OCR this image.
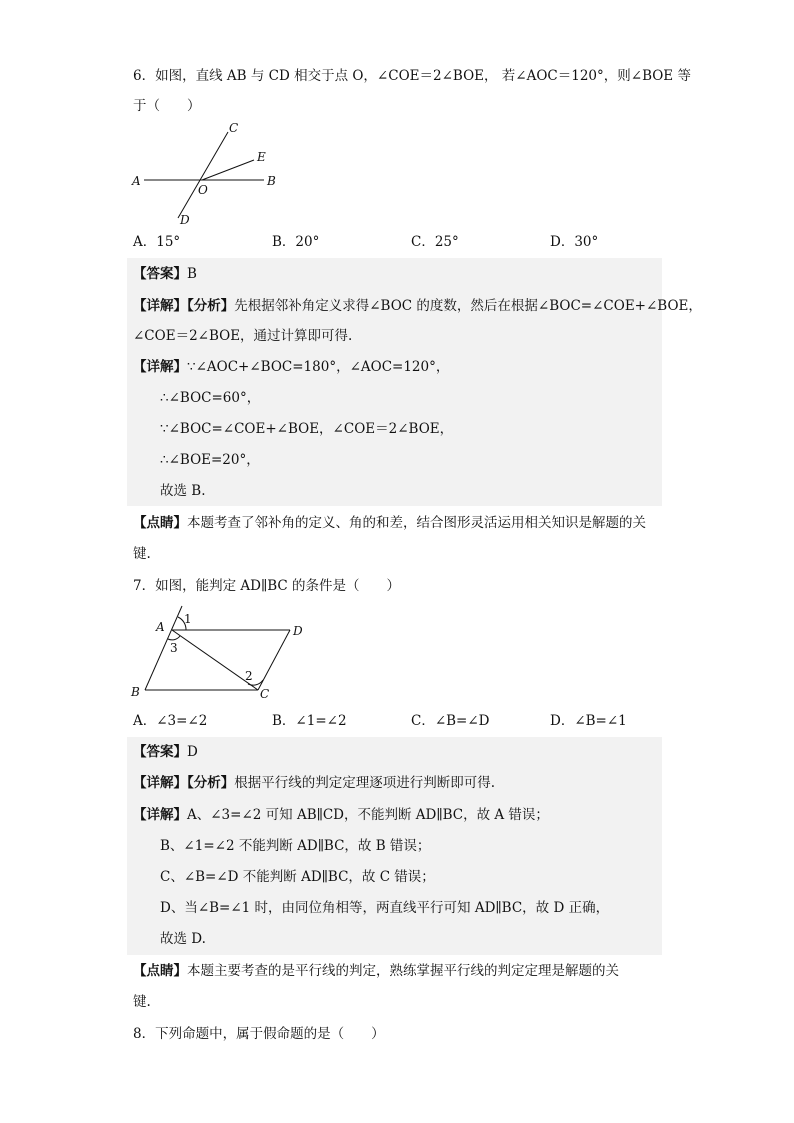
6．如图，直线 AB 与 CD 相交于点 O，∠COE＝2∠BOE， 若∠AOC＝120°，则∠BOE 等
于（　　）
A	B
C
D
E
O
A．15°	B．20°	C．25°	D．30°
【答案】B
【详解】【分析】先根据邻补角定义求得∠BOC 的度数，然后在根据∠BOC=∠COE+∠BOE，
∠COE＝2∠BOE，通过计算即可得.
【详解】∵∠AOC+∠BOC=180°，∠AOC=120°，
∴∠BOC=60°，
∵∠BOC=∠COE+∠BOE，∠COE＝2∠BOE，
∴∠BOE=20°，
故选 B.
【点睛】本题考查了邻补角的定义、角的和差，结合图形灵活运用相关知识是解题的关
键.
7．如图，能判定 AD∥BC 的条件是（　　）
A
B	C
D
1
2
3
A．∠3=∠2	B．∠1=∠2	C．∠B=∠D	D．∠B=∠1
【答案】D
【详解】【分析】根据平行线的判定定理逐项进行判断即可得.
【详解】A、∠3=∠2 可知 AB∥CD，不能判断 AD∥BC，故 A 错误；
B、∠1=∠2 不能判断 AD∥BC，故 B 错误；
C、∠B=∠D 不能判断 AD∥BC，故 C 错误；
D、当∠B=∠1 时，由同位角相等，两直线平行可知 AD∥BC，故 D 正确，
故选 D.
【点睛】本题主要考查的是平行线的判定，熟练掌握平行线的判定定理是解题的关
键.
8．下列命题中，属于假命题的是（　　）
